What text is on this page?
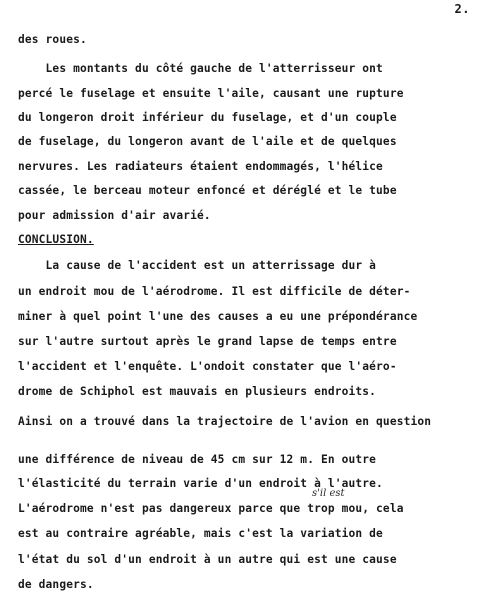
2.
des roues.
Les montants du côté gauche de l'atterrisseur ont
percé le fuselage et ensuite l'aile, causant une rupture
du longeron droit inférieur du fuselage, et d'un couple
de fuselage, du longeron avant de l'aile et de quelques
nervures. Les radiateurs étaient endommagés, l'hélice
cassée, le berceau moteur enfoncé et déréglé et le tube
pour admission d'air avarié.
CONCLUSION.
La cause de l'accident est un atterrissage dur à
un endroit mou de l'aérodrome. Il est difficile de déter-
miner à quel point l'une des causes a eu une prépondérance
sur l'autre surtout après le grand lapse de temps entre
l'accident et l'enquête. L'ondoit constater que l'aéro-
drome de Schiphol est mauvais en plusieurs endroits.
Ainsi on a trouvé dans la trajectoire de l'avion en question
une différence de niveau de 45 cm sur 12 m. En outre
l'élasticité du terrain varie d'un endroit à l'autre.
L'aérodrome n'est pas dangereux parce que trop mou, cela
est au contraire agréable, mais c'est la variation de
l'état du sol d'un endroit à un autre qui est une cause
de dangers.
s'il est
